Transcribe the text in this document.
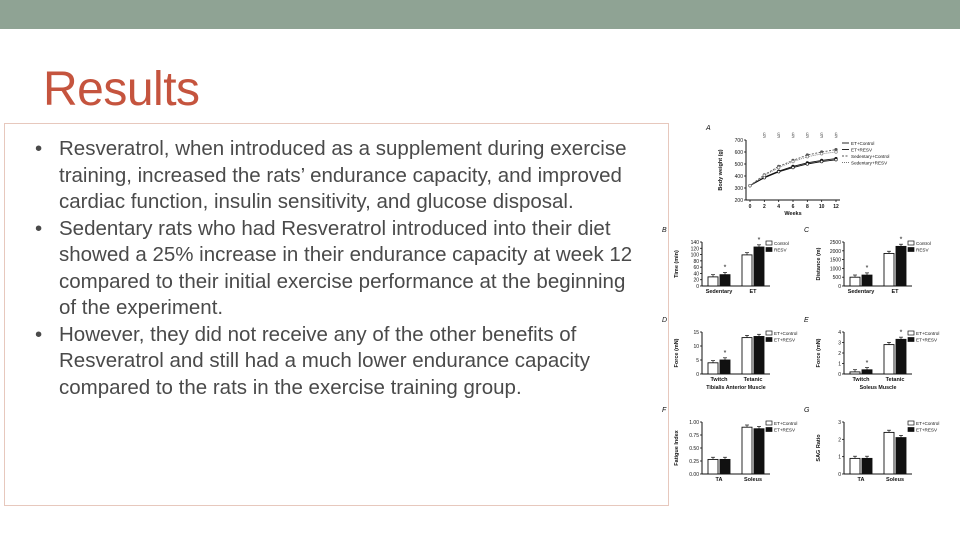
Results
• Resveratrol, when introduced as a supplement during exercise training, increased the rats’ endurance capacity, and improved cardiac function, insulin sensitivity, and glucose disposal.
• Sedentary rats who had Resveratrol introduced into their diet showed a 25% increase in their endurance capacity at week 12 compared to their initial exercise performance at the beginning of the experiment.
• However, they did not receive any of the other benefits of Resveratrol and still had a much lower endurance capacity compared to the rats in the exercise training group.
A
200
300
400
500
600
700
Body weight (g)
0 2 4 6 8 10 12
Weeks
ET+Control
ET+RESV
Sedentary+Control
Sedentary+RESV
§ § § § § §
B
0
20
40
60
80
100
120
140
Time (min)	*
Sedentary
*
ET
Control
RESV
C
0
500
1000
1500
2000
2500
Distance (m)	*
Sedentary
*
ET
Control
RESV
D
0
5
10
15
Force (mN)	*
Twitch	Tetanic
Tibialis Anterior Muscle
ET+Control
ET+RESV
E
0
1
2
3
4
Force (mN)	*
Twitch
*
Tetanic
Soleus Muscle
ET+Control
ET+RESV
F
0.00
0.25
0.50
0.75
1.00
Fatigue Index
TA	Soleus
ET+Control
ET+RESV
G
0
1
2
3
SAG Ratio
TA	Soleus
ET+Control
ET+RESV
